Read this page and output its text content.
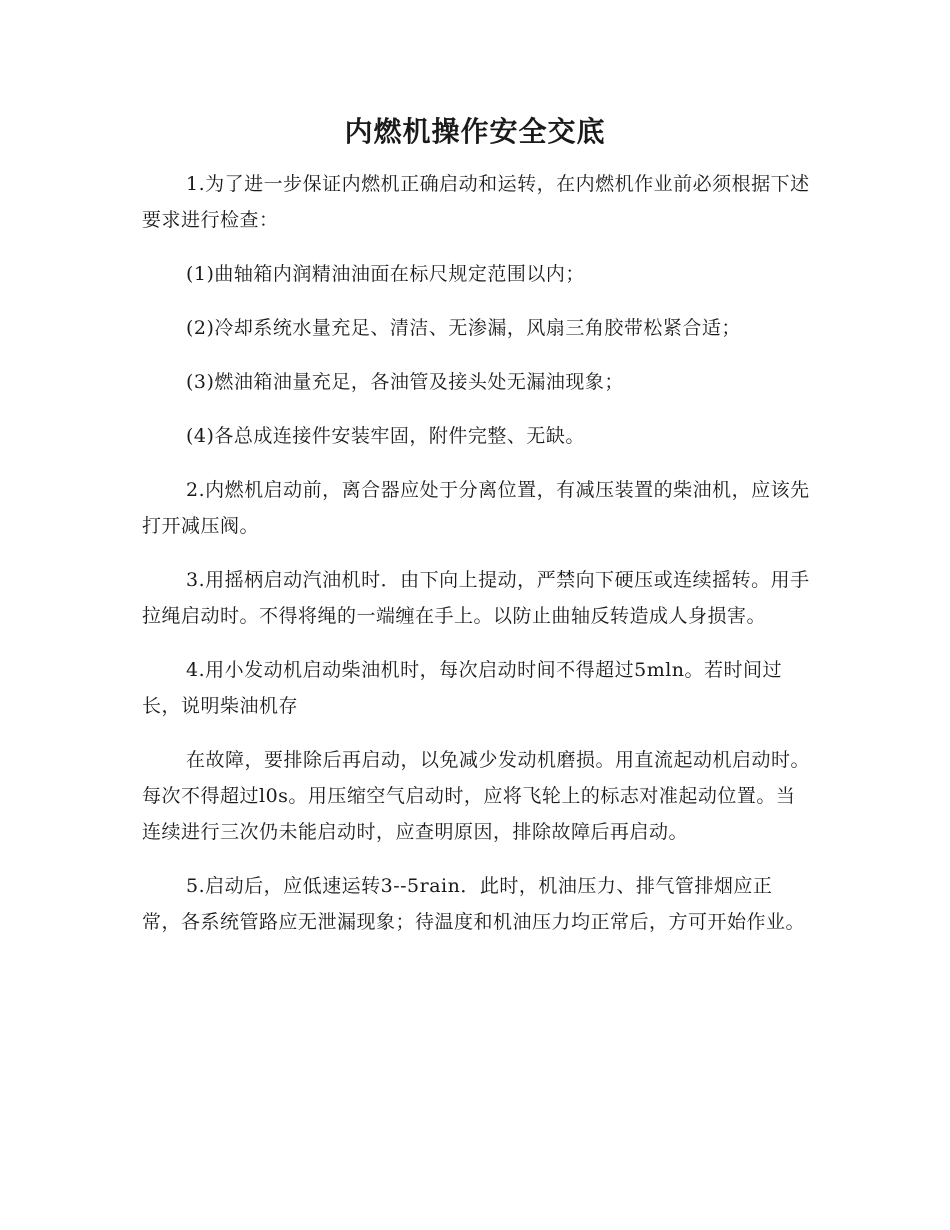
内燃机操作安全交底

1.为了进一步保证内燃机正确启动和运转，在内燃机作业前必须根据下述要求进行检查：

(1)曲轴箱内润精油油面在标尺规定范围以内；

(2)冷却系统水量充足、清洁、无渗漏，风扇三角胶带松紧合适；

(3)燃油箱油量充足，各油管及接头处无漏油现象；

(4)各总成连接件安装牢固，附件完整、无缺。

2.内燃机启动前，离合器应处于分离位置，有减压装置的柴油机，应该先打开减压阀。

3.用摇柄启动汽油机时．由下向上提动，严禁向下硬压或连续摇转。用手拉绳启动时。不得将绳的一端缠在手上。以防止曲轴反转造成人身损害。

4.用小发动机启动柴油机时，每次启动时间不得超过5mln。若时间过长，说明柴油机存

在故障，要排除后再启动，以免减少发动机磨损。用直流起动机启动时。每次不得超过l0s。用压缩空气启动时，应将飞轮上的标志对准起动位置。当连续进行三次仍未能启动时，应查明原因，排除故障后再启动。

5.启动后，应低速运转3--5rain．此时，机油压力、排气管排烟应正常，各系统管路应无泄漏现象；待温度和机油压力均正常后，方可开始作业。
